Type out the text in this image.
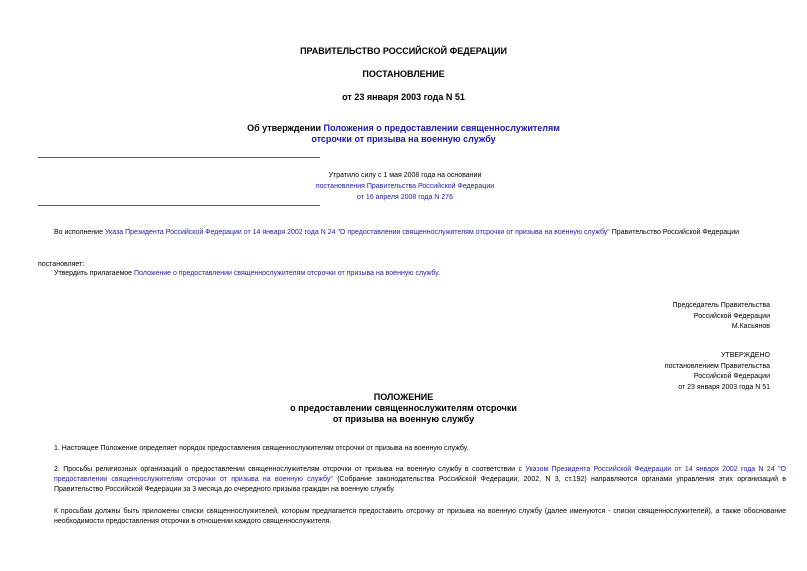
ПРАВИТЕЛЬСТВО РОССИЙСКОЙ ФЕДЕРАЦИИ
ПОСТАНОВЛЕНИЕ
от 23 января 2003 года N 51
Об утверждении Положения о предоставлении священнослужителям
отсрочки от призыва на военную службу
Утратило силу с 1 мая 2008 года на основании
постановления Правительства Российской Федерации
от 16 апреля 2008 года N 276
Во исполнение Указа Президента Российской Федерации от 14 января 2002 года N 24 "О предоставлении священнослужителям отсрочки от призыва на военную службу" Правительство Российской Федерации
постановляет:
Утвердить прилагаемое Положение о предоставлении священнослужителям отсрочки от призыва на военную службу.
Председатель Правительства
Российской Федерации
М.Касьянов
УТВЕРЖДЕНО
постановлением Правительства
Российской Федерации
от 23 января 2003 года N 51
ПОЛОЖЕНИЕ
о предоставлении священнослужителям отсрочки
от призыва на военную службу
1. Настоящее Положение определяет порядок предоставления священнослужителям отсрочки от призыва на военную службу.
2. Просьбы религиозных организаций о предоставлении священнослужителям отсрочки от призыва на военную службу в соответствии с Указом Президента Российской Федерации от 14 января 2002 года N 24 "О предоставлении священнослужителям отсрочки от призыва на военную службу" (Собрание законодательства Российской Федерации, 2002, N 3, ст.192) направляются органами управления этих организаций в Правительство Российской Федерации за 3 месяца до очередного призыва граждан на военную службу.
К просьбам должны быть приложены списки священнослужителей, которым предлагается предоставить отсрочку от призыва на военную службу (далее именуются - списки священнослужителей), а также обоснование необходимости предоставления отсрочки в отношении каждого священнослужителя.
